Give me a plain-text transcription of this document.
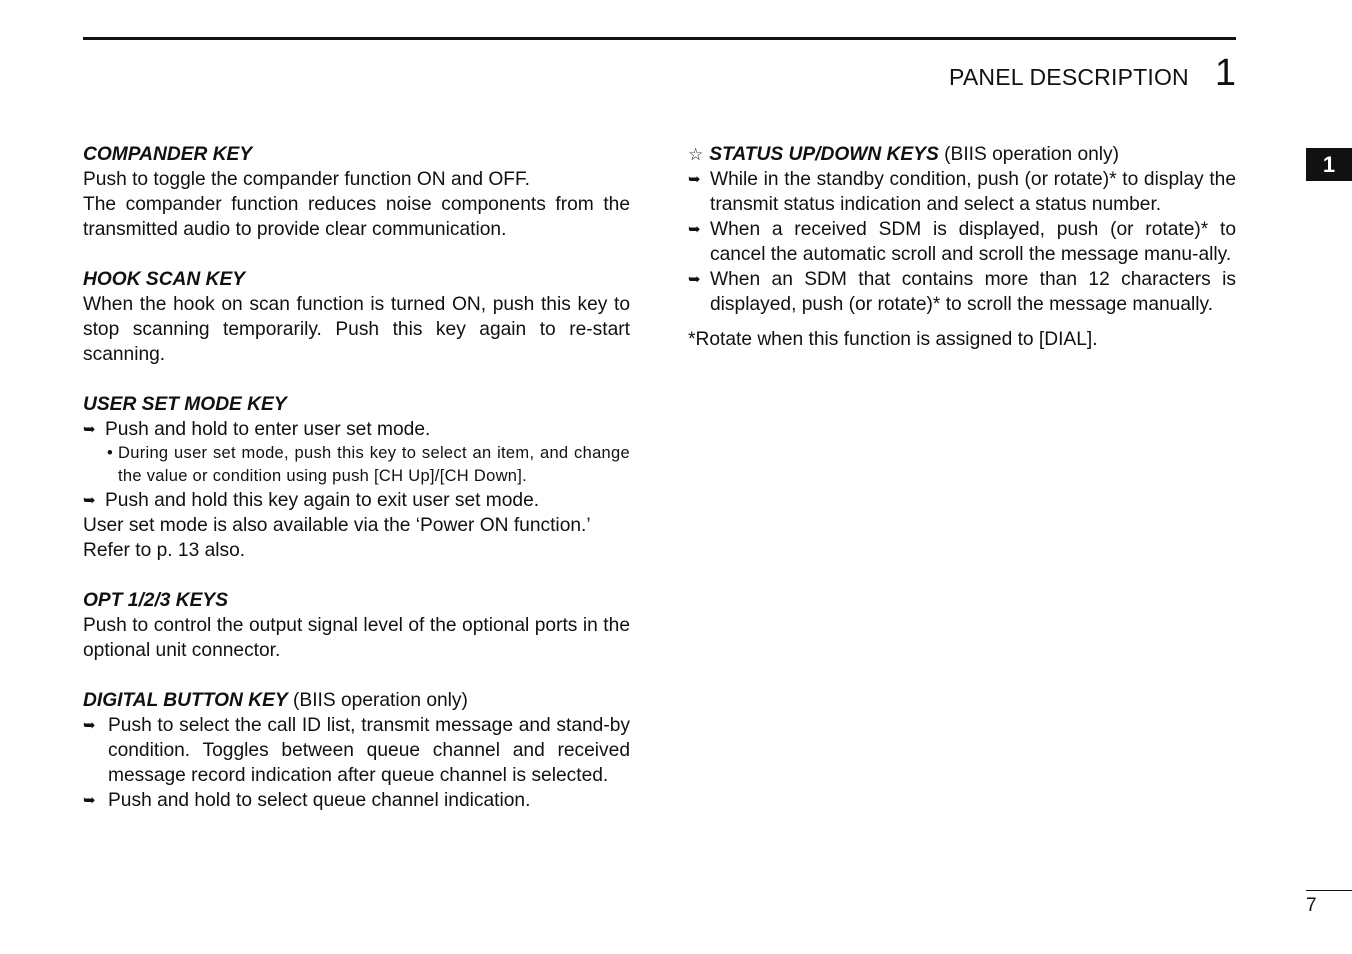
PANEL DESCRIPTION 1
1
7
COMPANDER KEY

Push to toggle the compander function ON and OFF.

The compander function reduces noise components from the transmitted audio to provide clear communication.

HOOK SCAN KEY

When the hook on scan function is turned ON, push this key to stop scanning temporarily. Push this key again to re-start scanning.

USER SET MODE KEY
➥ Push and hold to enter user set mode.
• During user set mode, push this key to select an item, and change the value or condition using push [CH Up]/[CH Down].
➥ Push and hold this key again to exit user set mode.

User set mode is also available via the ‘Power ON function.’

Refer to p. 13 also.

OPT 1/2/3 KEYS

Push to control the output signal level of the optional ports in the optional unit connector.

DIGITAL BUTTON KEY (BIIS operation only)
➥ Push to select the call ID list, transmit message and stand-by condition. Toggles between queue channel and received message record indication after queue channel is selected.
➥ Push and hold to select queue channel indication.
☆ STATUS UP/DOWN KEYS (BIIS operation only)
➥ While in the standby condition, push (or rotate)* to display the transmit status indication and select a status number.
➥ When a received SDM is displayed, push (or rotate)* to cancel the automatic scroll and scroll the message manu-ally.
➥ When an SDM that contains more than 12 characters is displayed, push (or rotate)* to scroll the message manually.

*Rotate when this function is assigned to [DIAL].
